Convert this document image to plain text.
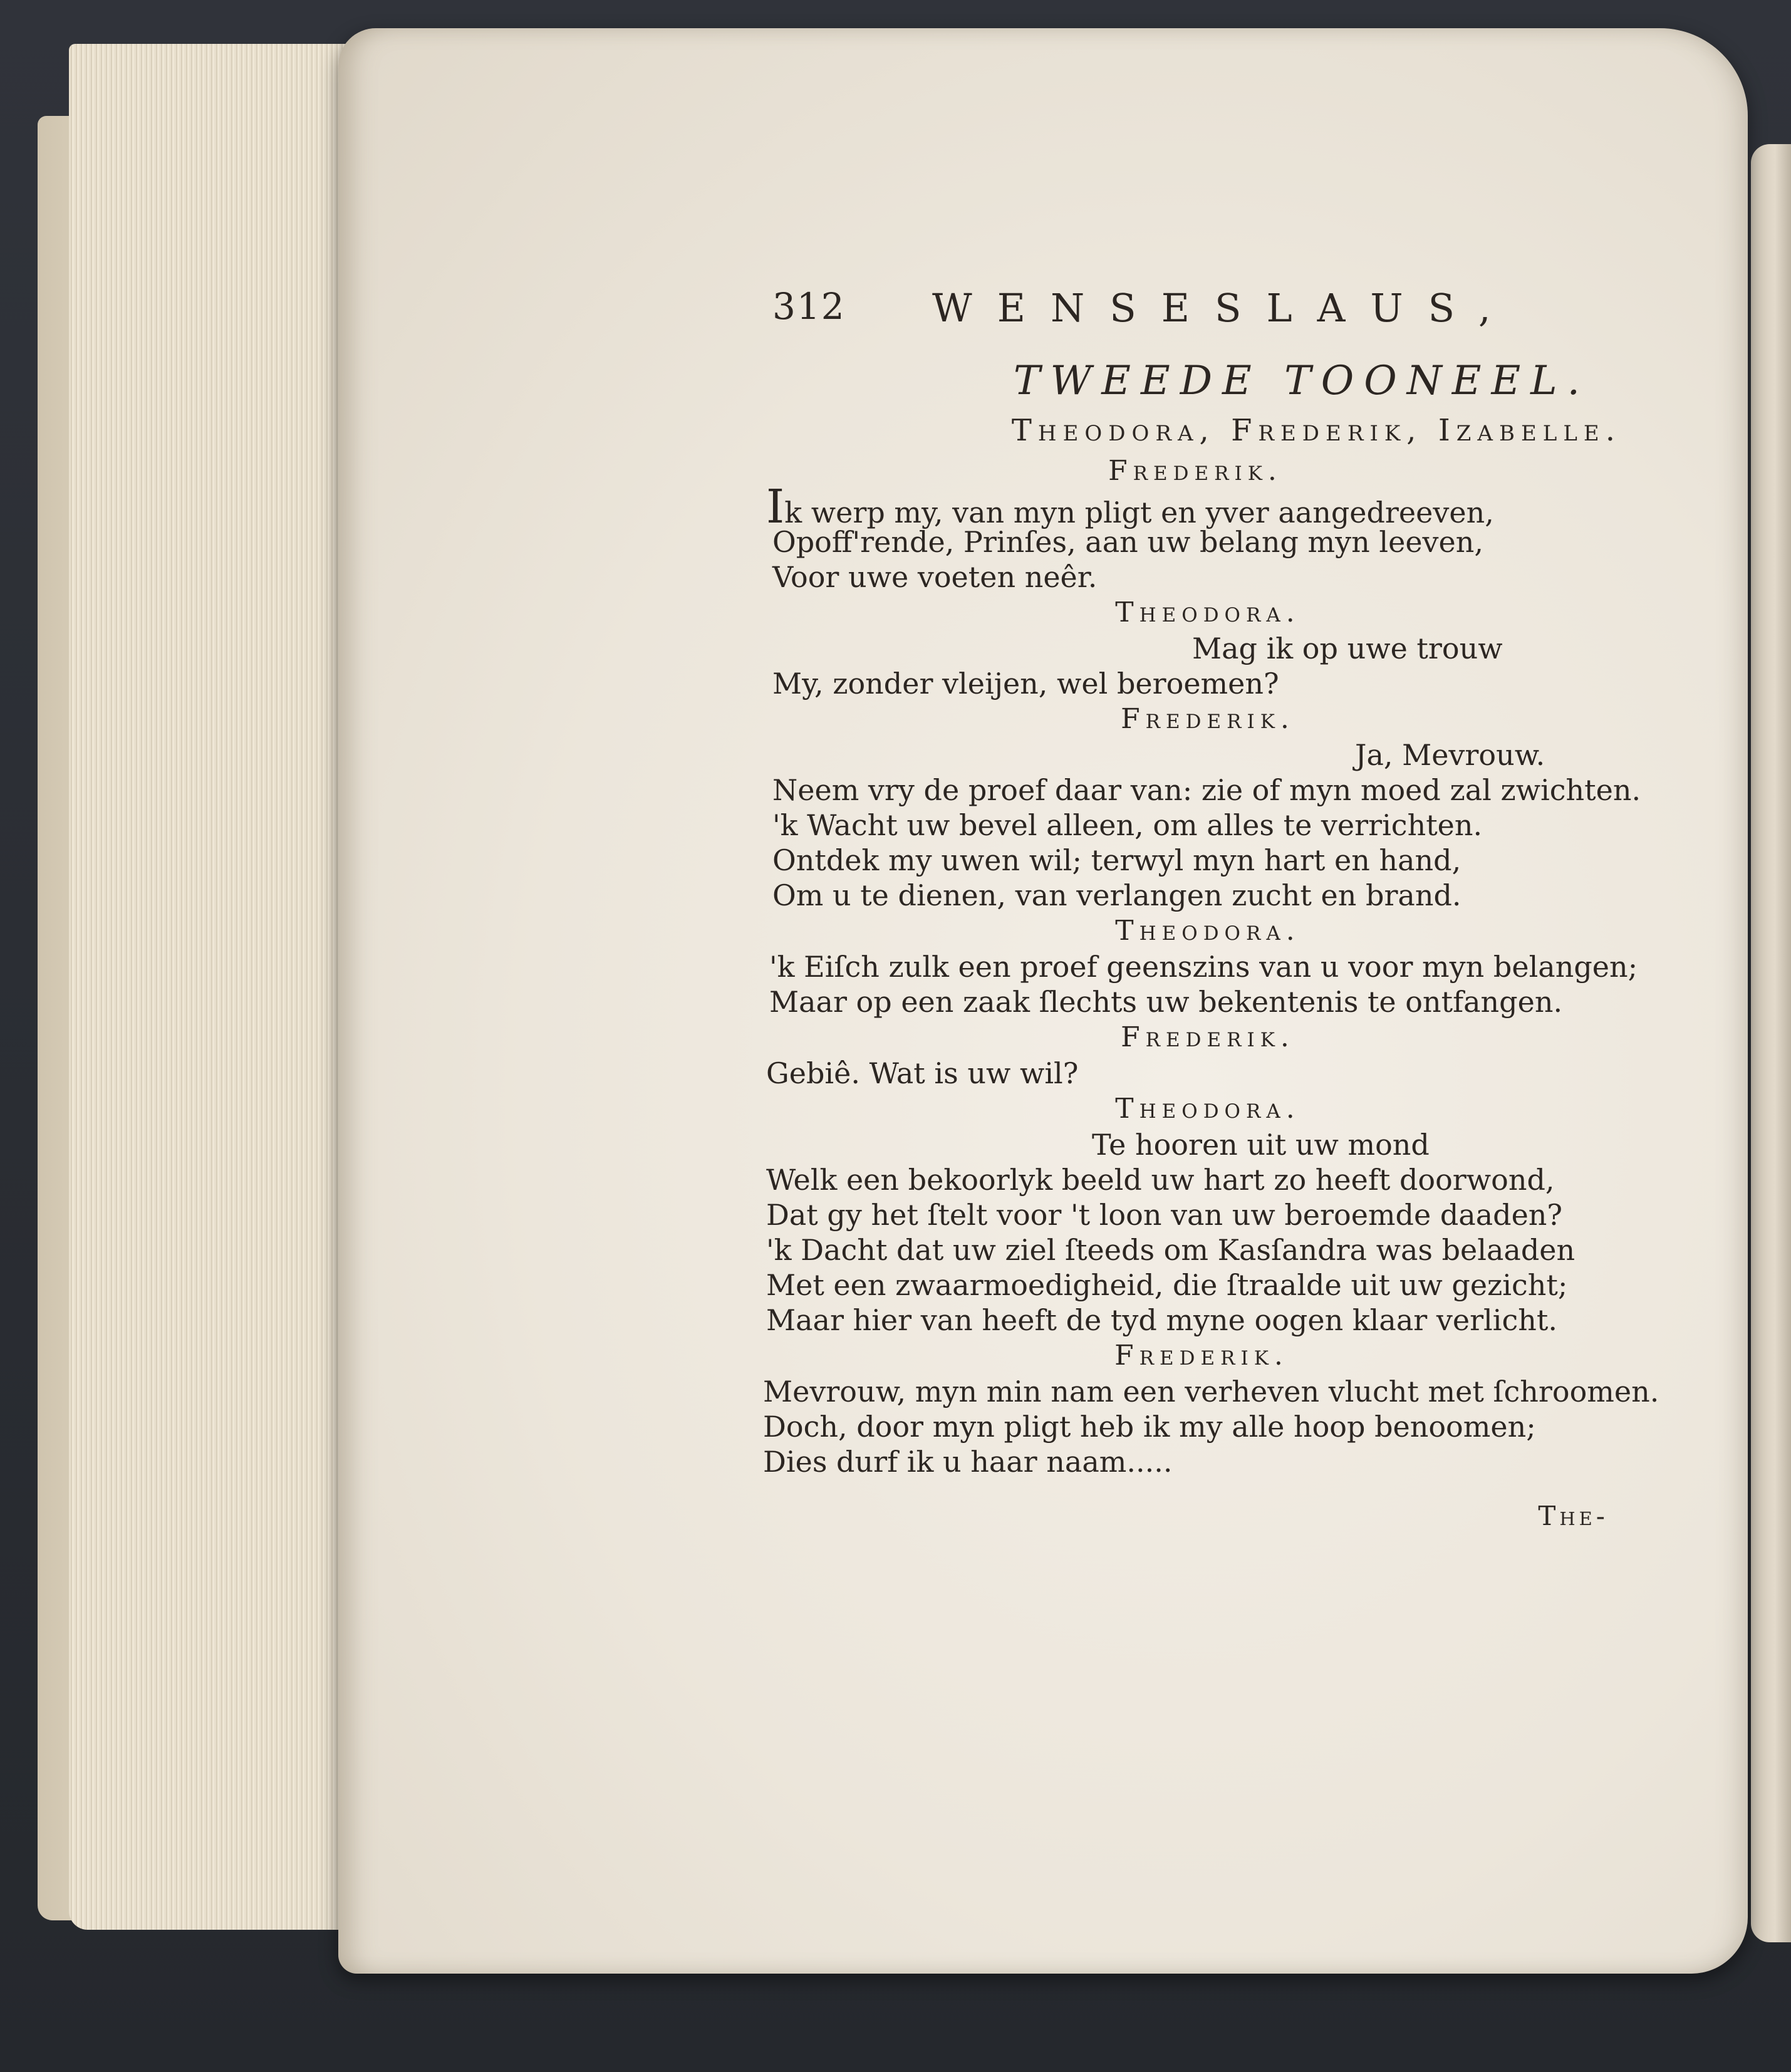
312 WENSESLAUS,
TWEEDE TOONEEL.
Theodora, Frederik, Izabelle.
Frederik.
Ik werp my, van myn pligt en yver aangedreeven,
Opoff'rende, Prinſes, aan uw belang myn leeven,
Voor uwe voeten neêr.
Theodora.
Mag ik op uwe trouw
My, zonder vleijen, wel beroemen?
Frederik.
Ja, Mevrouw.
Neem vry de proef daar van: zie of myn moed zal zwichten.
'k Wacht uw bevel alleen, om alles te verrichten.
Ontdek my uwen wil; terwyl myn hart en hand,
Om u te dienen, van verlangen zucht en brand.
Theodora.
'k Eiſch zulk een proef geenszins van u voor myn belangen;
Maar op een zaak ſlechts uw bekentenis te ontfangen.
Frederik.
Gebiê. Wat is uw wil?
Theodora.
Te hooren uit uw mond
Welk een bekoorlyk beeld uw hart zo heeft doorwond,
Dat gy het ſtelt voor 't loon van uw beroemde daaden?
'k Dacht dat uw ziel ſteeds om Kasſandra was belaaden
Met een zwaarmoedigheid, die ſtraalde uit uw gezicht;
Maar hier van heeft de tyd myne oogen klaar verlicht.
Frederik.
Mevrouw, myn min nam een verheven vlucht met ſchroomen.
Doch, door myn pligt heb ik my alle hoop benoomen;
Dies durf ik u haar naam.....
The-
